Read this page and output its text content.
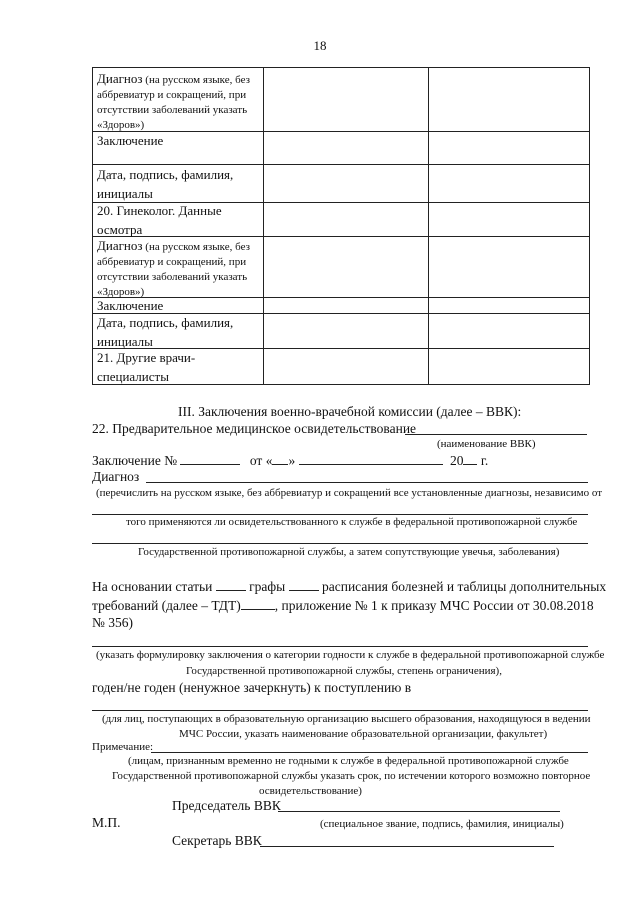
18
Диагноз (на русском языке, без аббревиатур и сокращений, при отсутствии заболеваний указать «Здоров»)
Заключение
Дата, подпись, фамилия, инициалы
20. Гинеколог. Данные осмотра
Диагноз (на русском языке, без аббревиатур и сокращений, при отсутствии заболеваний указать «Здоров»)
Заключение
Дата, подпись, фамилия, инициалы
21. Другие врачи-специалисты
III. Заключения военно-врачебной комиссии (далее – ВВК):
22. Предварительное медицинское освидетельствование
(наименование ВВК)
Заключение №	от « »	20 г.
Диагноз
(перечислить на русском языке, без аббревиатур и сокращений все установленные диагнозы, независимо от
того применяются ли освидетельствованного к службе в федеральной противопожарной службе
Государственной противопожарной службы, а затем сопутствующие увечья, заболевания)
На основании статьи	графы	расписания болезней и таблицы дополнительных
требований (далее – ТДТ)	, приложение № 1 к приказу МЧС России от 30.08.2018
№ 356)
(указать формулировку заключения о категории годности к службе в федеральной противопожарной службе
Государственной противопожарной службы, степень ограничения),
годен/не годен (ненужное зачеркнуть) к поступлению в
(для лиц, поступающих в образовательную организацию высшего образования, находящуюся в ведении
МЧС России, указать наименование образовательной организации, факультет)
Примечание:
(лицам, признанным временно не годными к службе в федеральной противопожарной службе
Государственной противопожарной службы указать срок, по истечении которого возможно повторное
освидетельствование)
Председатель ВВК
М.П.	(специальное звание, подпись, фамилия, инициалы)
Секретарь ВВК
